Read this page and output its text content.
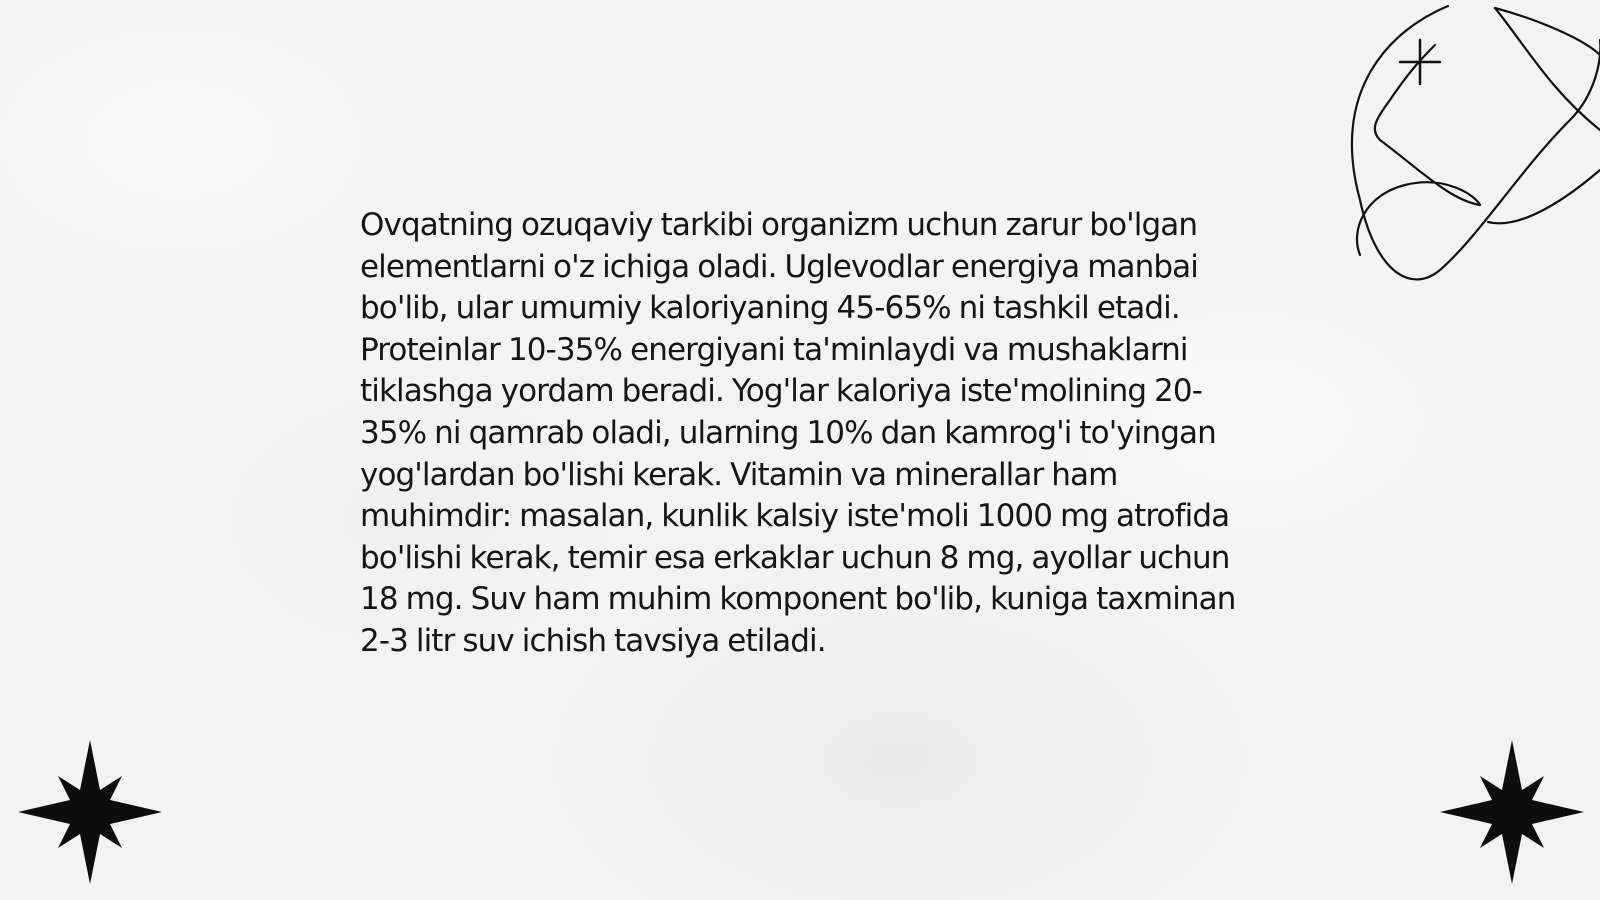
Ovqatning ozuqaviy tarkibi organizm uchun zarur bo'lgan elementlarni o'z ichiga oladi. Uglevodlar energiya manbai bo'lib, ular umumiy kaloriyaning 45-65% ni tashkil etadi. Proteinlar 10-35% energiyani ta'minlaydi va mushaklarni tiklashga yordam beradi. Yog'lar kaloriya iste'molining 20-35% ni qamrab oladi, ularning 10% dan kamrog'i to'yingan yog'lardan bo'lishi kerak. Vitamin va minerallar ham muhimdir: masalan, kunlik kalsiy iste'moli 1000 mg atrofida bo'lishi kerak, temir esa erkaklar uchun 8 mg, ayollar uchun 18 mg. Suv ham muhim komponent bo'lib, kuniga taxminan 2-3 litr suv ichish tavsiya etiladi.
